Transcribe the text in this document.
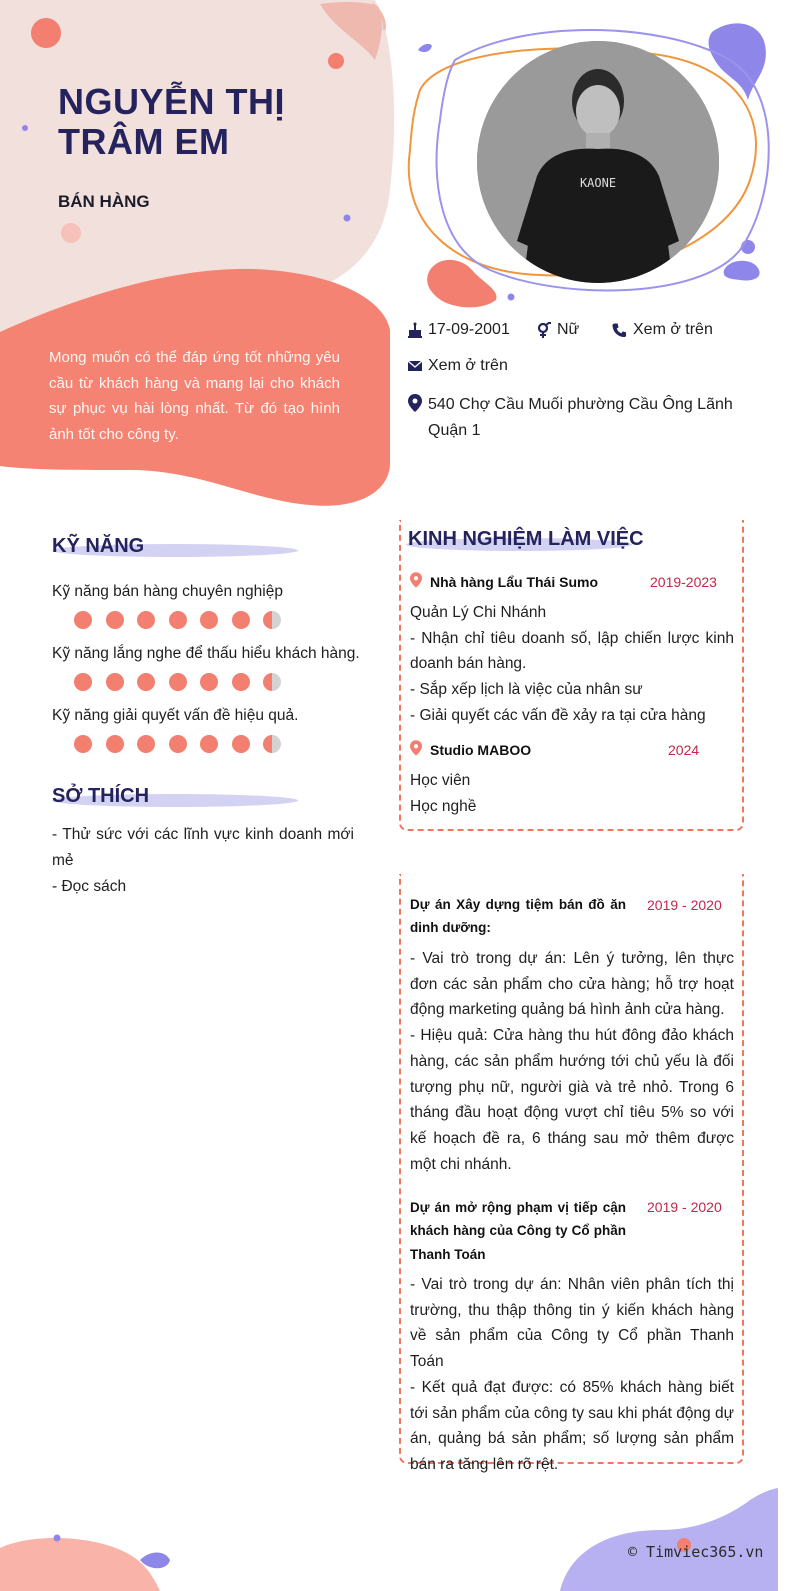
NGUYỄN THỊ
TRÂM EM
BÁN HÀNG
Mong muốn có thể đáp ứng tốt những yêu cầu từ khách hàng và mang lại cho khách sự phục vụ hài lòng nhất. Từ đó tạo hình ảnh tốt cho công ty.
KAONE
17-09-2001	Nữ	Xem ở trên
Xem ở trên
540 Chợ Cầu Muối phường Cầu Ông Lãnh Quận 1
KỸ NĂNG
Kỹ năng bán hàng chuyên nghiệp
Kỹ năng lắng nghe để thấu hiểu khách hàng.
Kỹ năng giải quyết vấn đề hiệu quả.
SỞ THÍCH
- Thử sức với các lĩnh vực kinh doanh mới mẻ
- Đọc sách
KINH NGHIỆM LÀM VIỆC
Nhà hàng Lẩu Thái Sumo	2019-2023
Quản Lý Chi Nhánh
- Nhận chỉ tiêu doanh số, lập chiến lược kinh doanh bán hàng.
- Sắp xếp lịch là việc của nhân sư
- Giải quyết các vấn đề xảy ra tại cửa hàng
Studio MABOO	2024
Học viên
Học nghề
Dự án Xây dựng tiệm bán đồ ăn dinh dưỡng:
2019 - 2020
- Vai trò trong dự án: Lên ý tưởng, lên thực đơn các sản phẩm cho cửa hàng; hỗ trợ hoạt động marketing quảng bá hình ảnh cửa hàng.
- Hiệu quả: Cửa hàng thu hút đông đảo khách hàng, các sản phẩm hướng tới chủ yếu là đối tượng phụ nữ, người già và trẻ nhỏ. Trong 6 tháng đầu hoạt động vượt chỉ tiêu 5% so với kế hoạch đề ra, 6 tháng sau mở thêm được một chi nhánh.
Dự án mở rộng phạm vị tiếp cận khách hàng của Công ty Cổ phần Thanh Toán
2019 - 2020
- Vai trò trong dự án: Nhân viên phân tích thị trường, thu thập thông tin ý kiến khách hàng về sản phẩm của Công ty Cổ phần Thanh Toán
- Kết quả đạt được: có 85% khách hàng biết tới sản phẩm của công ty sau khi phát động dự án, quảng bá sản phẩm; số lượng sản phẩm bán ra tăng lên rõ rệt.
© Timviec365.vn
